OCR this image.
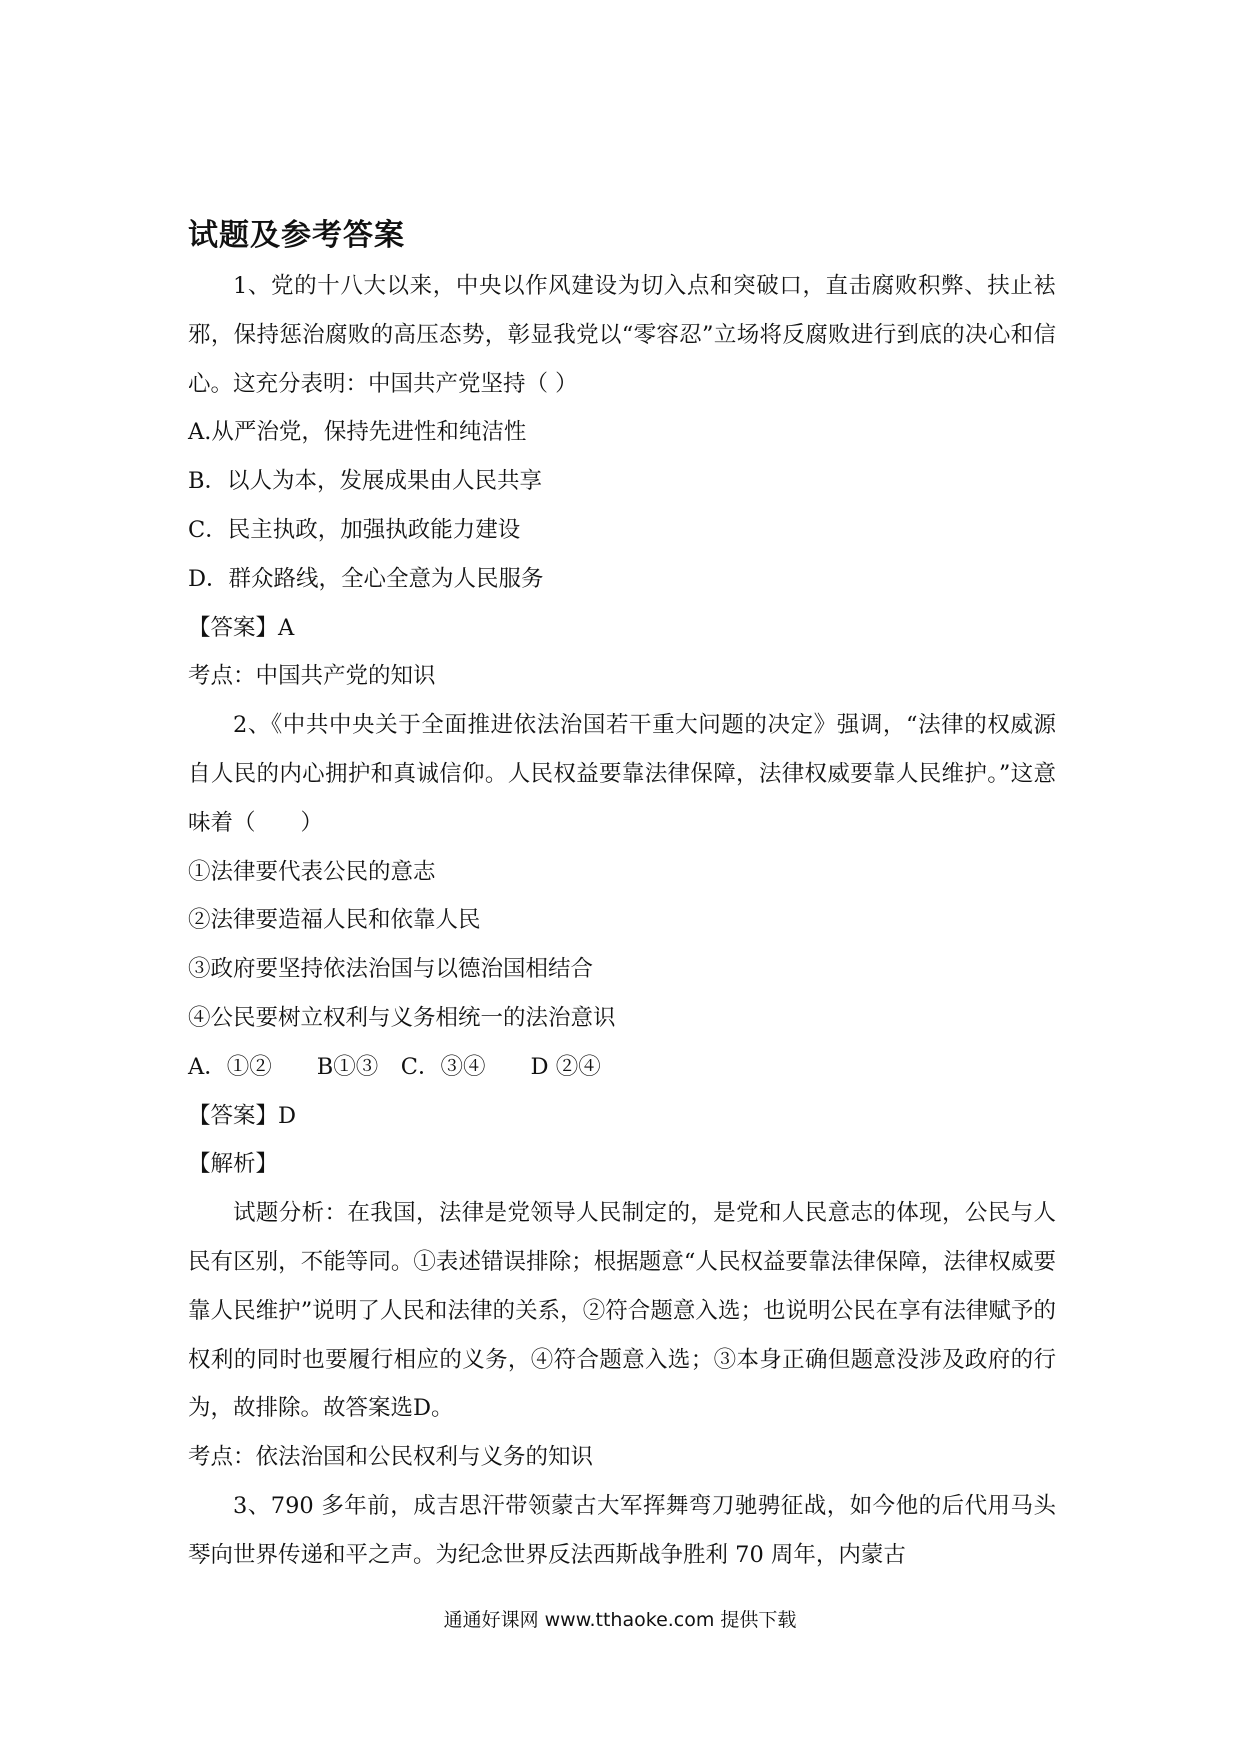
试题及参考答案

1、党的十八大以来，中央以作风建设为切入点和突破口，直击腐败积弊、扶止袪邪，保持惩治腐败的高压态势，彰显我党以“零容忍”立场将反腐败进行到底的决心和信心。这充分表明：中国共产党坚持（ ）

A.从严治党，保持先进性和纯洁性

B．以人为本，发展成果由人民共享

C．民主执政，加强执政能力建设

D．群众路线，全心全意为人民服务

【答案】A

考点：中国共产党的知识

2、《中共中央关于全面推进依法治国若干重大问题的决定》强调，“法律的权威源自人民的内心拥护和真诚信仰。人民权益要靠法律保障，法律权威要靠人民维护。”这意味着（　　）

①法律要代表公民的意志

②法律要造福人民和依靠人民

③政府要坚持依法治国与以德治国相结合

④公民要树立权利与义务相统一的法治意识

A．①②　　B①③　C．③④　　D ②④

【答案】D

【解析】

试题分析：在我国，法律是党领导人民制定的，是党和人民意志的体现，公民与人民有区别，不能等同。①表述错误排除；根据题意“人民权益要靠法律保障，法律权威要靠人民维护”说明了人民和法律的关系，②符合题意入选；也说明公民在享有法律赋予的权利的同时也要履行相应的义务，④符合题意入选；③本身正确但题意没涉及政府的行为，故排除。故答案选D。

考点：依法治国和公民权利与义务的知识

3、790 多年前，成吉思汗带领蒙古大军挥舞弯刀驰骋征战，如今他的后代用马头琴向世界传递和平之声。为纪念世界反法西斯战争胜利 70 周年，内蒙古

通通好课网 www.tthaoke.com 提供下载
